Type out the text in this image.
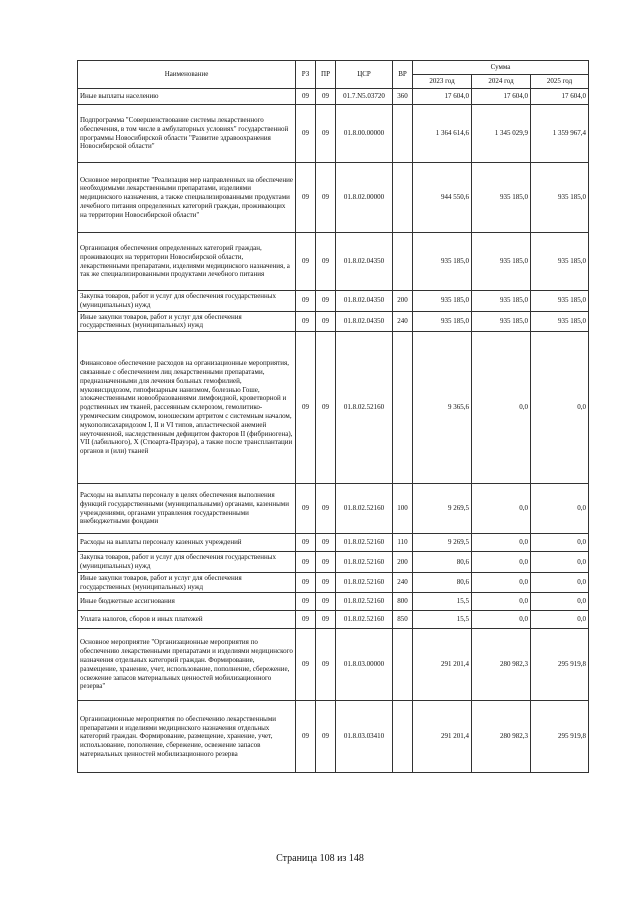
Наименование	РЗ	ПР	ЦСР	ВР	Сумма		
					2023 год	2024 год	2025 год
Иные выплаты населению	09	09	01.7.N5.03720	360	17 604,0	17 604,0	17 604,0
Подпрограмма "Совершенствование системы лекарственного обеспечения, в том числе в амбулаторных условиях" государственной программы Новосибирской области "Развитие здравоохранения Новосибирской области"	09	09	01.8.00.00000		1 364 614,6	1 345 029,9	1 359 967,4
Основное мероприятие "Реализация мер направленных на обеспечение необходимыми лекарственными препаратами, изделиями медицинского назначения, а также специализированными продуктами лечебного питания определенных категорий граждан, проживающих на территории Новосибирской области"	09	09	01.8.02.00000		944 550,6	935 185,0	935 185,0
Организация обеспечения определенных категорий граждан, проживающих на территории Новосибирской области, лекарственными препаратами, изделиями медицинского назначения, а так же специализированными продуктами лечебного питания	09	09	01.8.02.04350		935 185,0	935 185,0	935 185,0
Закупка товаров, работ и услуг для обеспечения государственных (муниципальных) нужд	09	09	01.8.02.04350	200	935 185,0	935 185,0	935 185,0
Иные закупки товаров, работ и услуг для обеспечения государственных (муниципальных) нужд	09	09	01.8.02.04350	240	935 185,0	935 185,0	935 185,0
Финансовое обеспечение расходов на организационные мероприятия, связанные с обеспечением лиц лекарственными препаратами, предназначенными для лечения больных гемофилией, муковисцидозом, гипофизарным нанизмом, болезнью Гоше, злокачественными новообразованиями лимфоидной, кроветворной и родственных им тканей, рассеянным склерозом, гемолитико-уремическим синдромом, юношеским артритом с системным началом, мукополисахаридозом I, II и VI типов, апластической анемией неуточненной, наследственным дефицитом факторов II (фибриногена), VII (лабильного), X (Стюарта-Прауэра), а также после трансплантации органов и (или) тканей	09	09	01.8.02.52160		9 365,6	0,0	0,0
Расходы на выплаты персоналу в целях обеспечения выполнения функций государственными (муниципальными) органами, казенными учреждениями, органами управления государственными внебюджетными фондами	09	09	01.8.02.52160	100	9 269,5	0,0	0,0
Расходы на выплаты персоналу казенных учреждений	09	09	01.8.02.52160	110	9 269,5	0,0	0,0
Закупка товаров, работ и услуг для обеспечения государственных (муниципальных) нужд	09	09	01.8.02.52160	200	80,6	0,0	0,0
Иные закупки товаров, работ и услуг для обеспечения государственных (муниципальных) нужд	09	09	01.8.02.52160	240	80,6	0,0	0,0
Иные бюджетные ассигнования	09	09	01.8.02.52160	800	15,5	0,0	0,0
Уплата налогов, сборов и иных платежей	09	09	01.8.02.52160	850	15,5	0,0	0,0
Основное мероприятие "Организационные мероприятия по обеспечению лекарственными препаратами и изделиями медицинского назначения отдельных категорий граждан. Формирование, размещение, хранение, учет, использование, пополнение, сбережение, освежение запасов материальных ценностей мобилизационного резерва"	09	09	01.8.03.00000		291 201,4	280 982,3	295 919,8
Организационные мероприятия по обеспечению лекарственными препаратами и изделиями медицинского назначения отдельных категорий граждан. Формирование, размещение, хранение, учет, использование, пополнение, сбережение, освежение запасов материальных ценностей мобилизационного резерва	09	09	01.8.03.03410		291 201,4	280 982,3	295 919,8
Страница 108 из 148
